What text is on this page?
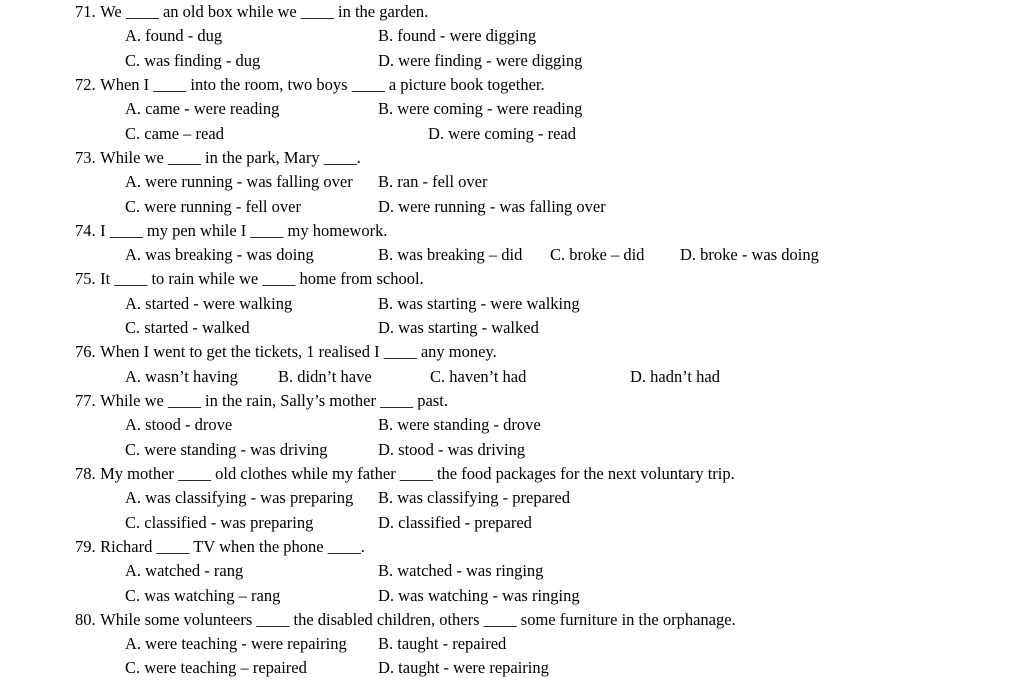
71. We ____ an old box while we ____ in the garden.
A. found - dug	B. found - were digging
C. was finding - dug	D. were finding - were digging
72. When I ____ into the room, two boys ____ a picture book together.
A. came - were reading	B. were coming - were reading
C. came – read	D. were coming - read
73. While we ____ in the park, Mary ____.
A. were running - was falling over B. ran - fell over
C. were running - fell over	D. were running - was falling over
74. I ____ my pen while I ____ my homework.
A. was breaking - was doing	B. was breaking – did C. broke – did D. broke - was doing
75. It ____ to rain while we ____ home from school.
A. started - were walking	B. was starting - were walking
C. started - walked	D. was starting - walked
76. When I went to get the tickets, 1 realised I ____ any money.
A. wasn’t having B. didn’t have	C. haven’t had	D. hadn’t had
77. While we ____ in the rain, Sally’s mother ____ past.
A. stood - drove	B. were standing - drove
C. were standing - was driving	D. stood - was driving
78. My mother ____ old clothes while my father ____ the food packages for the next voluntary trip.
A. was classifying - was preparing B. was classifying - prepared
C. classified - was preparing	D. classified - prepared
79. Richard ____ TV when the phone ____.
A. watched - rang	B. watched - was ringing
C. was watching – rang	D. was watching - was ringing
80. While some volunteers ____ the disabled children, others ____ some furniture in the orphanage.
A. were teaching - were repairing B. taught - repaired
C. were teaching – repaired	D. taught - were repairing
